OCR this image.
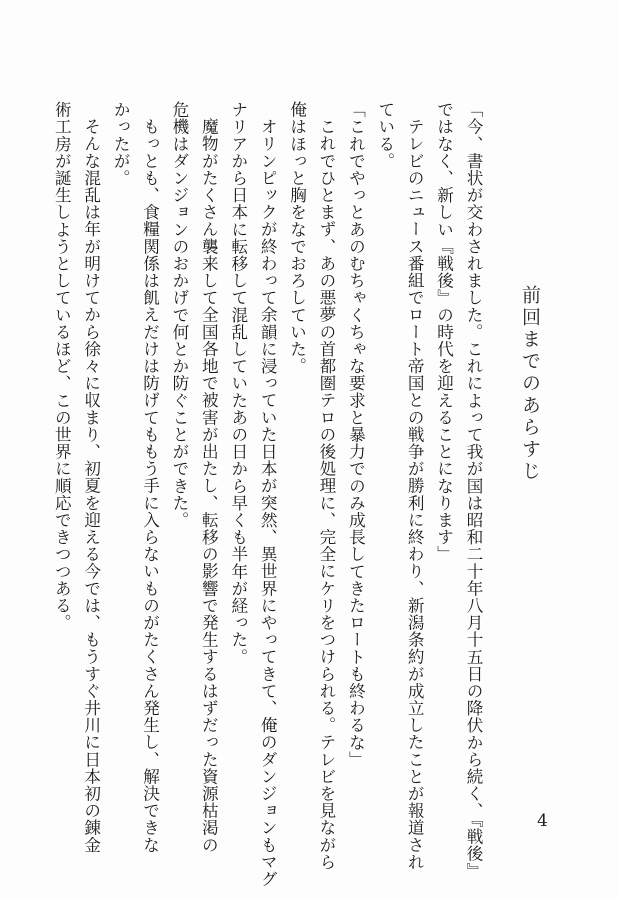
前回までのあらすじ

「今、書状が交わされました。これによって我が国は昭和二十年八月十五日の降伏から続く、『戦後』

ではなく、新しい『戦後』の時代を迎えることになります」

テレビのニュース番組でロート帝国との戦争が勝利に終わり、新潟条約が成立したことが報道され

ている。

「これでやっとあのむちゃくちゃな要求と暴力でのみ成長してきたロートも終わるな」

これでひとまず、あの悪夢の首都圏テロの後処理に、完全にケリをつけられる。テレビを見ながら

俺はほっと胸をなでおろしていた。

オリンピックが終わって余韻に浸っていた日本が突然、異世界にやってきて、俺のダンジョンもマグ

ナリアから日本に転移して混乱していたあの日から早くも半年が経った。

魔物がたくさん襲来して全国各地で被害が出たし、転移の影響で発生するはずだった資源枯渇の

危機はダンジョンのおかげで何とか防ぐことができた。

もっとも、食糧関係は飢えだけは防げてももう手に入らないものがたくさん発生し、解決できな

かったが。

そんな混乱は年が明けてから徐々に収まり、初夏を迎える今では、もうすぐ井川に日本初の錬金

術工房が誕生しようとしているほど、この世界に順応できつつある。

4
